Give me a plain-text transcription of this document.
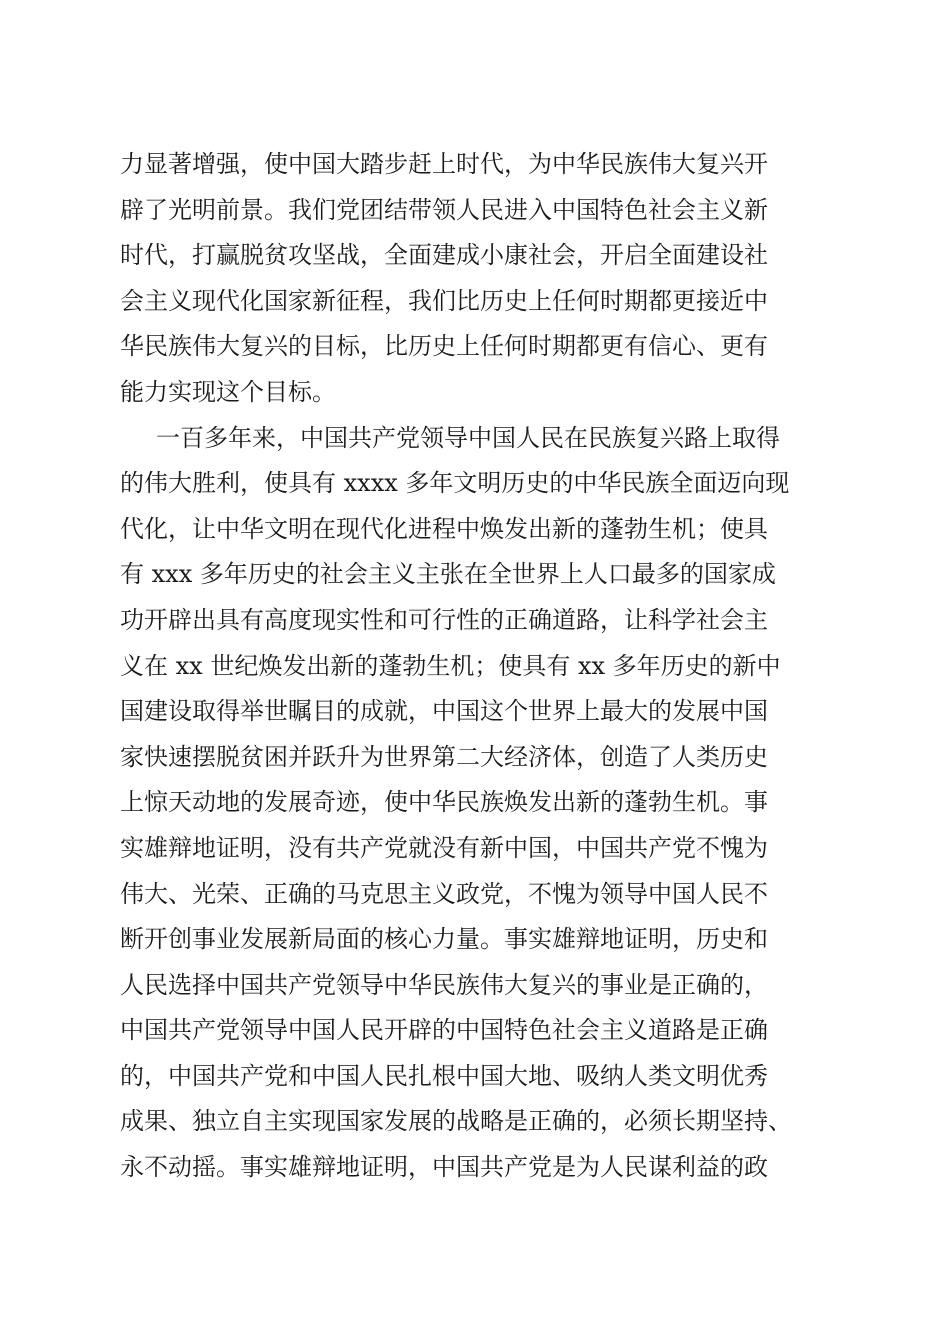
力显著增强，使中国大踏步赶上时代，为中华民族伟大复兴开
辟了光明前景。我们党团结带领人民进入中国特色社会主义新
时代，打赢脱贫攻坚战，全面建成小康社会，开启全面建设社
会主义现代化国家新征程，我们比历史上任何时期都更接近中
华民族伟大复兴的目标，比历史上任何时期都更有信心、更有
能力实现这个目标。
一百多年来，中国共产党领导中国人民在民族复兴路上取得
的伟大胜利，使具有 xxxx 多年文明历史的中华民族全面迈向现
代化，让中华文明在现代化进程中焕发出新的蓬勃生机；使具
有 xxx 多年历史的社会主义主张在全世界上人口最多的国家成
功开辟出具有高度现实性和可行性的正确道路，让科学社会主
义在 xx 世纪焕发出新的蓬勃生机；使具有 xx 多年历史的新中
国建设取得举世瞩目的成就，中国这个世界上最大的发展中国
家快速摆脱贫困并跃升为世界第二大经济体，创造了人类历史
上惊天动地的发展奇迹，使中华民族焕发出新的蓬勃生机。事
实雄辩地证明，没有共产党就没有新中国，中国共产党不愧为
伟大、光荣、正确的马克思主义政党，不愧为领导中国人民不
断开创事业发展新局面的核心力量。事实雄辩地证明，历史和
人民选择中国共产党领导中华民族伟大复兴的事业是正确的，
中国共产党领导中国人民开辟的中国特色社会主义道路是正确
的，中国共产党和中国人民扎根中国大地、吸纳人类文明优秀
成果、独立自主实现国家发展的战略是正确的，必须长期坚持、
永不动摇。事实雄辩地证明，中国共产党是为人民谋利益的政
